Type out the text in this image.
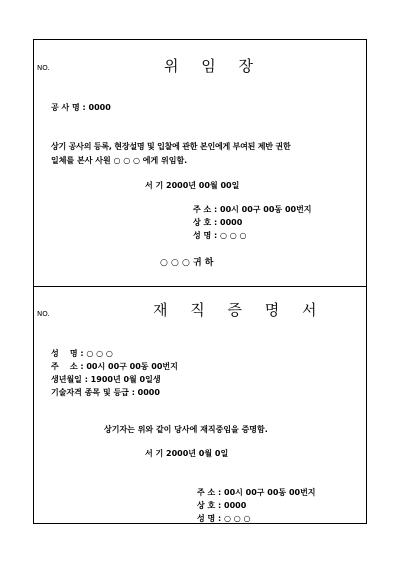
NO.	위 임 장
공 사 명 : 0000
상기 공사의 등록, 현장설명 및 입찰에 관한 본인에게 부여된 제반 권한
일체를 본사 사원 ○ ○ ○ 에게 위임함.
서 기 2000년 00월 00일
주 소 : 00시 00구 00동 00번지
상 호 : 0000
성 명 : ○ ○ ○
○ ○ ○ 귀 하
NO.	재 직 증 명 서
성    명 : ○ ○ ○
주    소 : 00시 00구 00동 00번지
생년월일 : 1900년 0월 0일생
기술자격 종목 및 등급 : 0000
상기자는 위와 같이 당사에 재직중임을 증명함.
서 기 2000년 0월 0일
주 소 : 00시 00구 00동 00번지
상 호 : 0000
성 명 : ○ ○ ○
